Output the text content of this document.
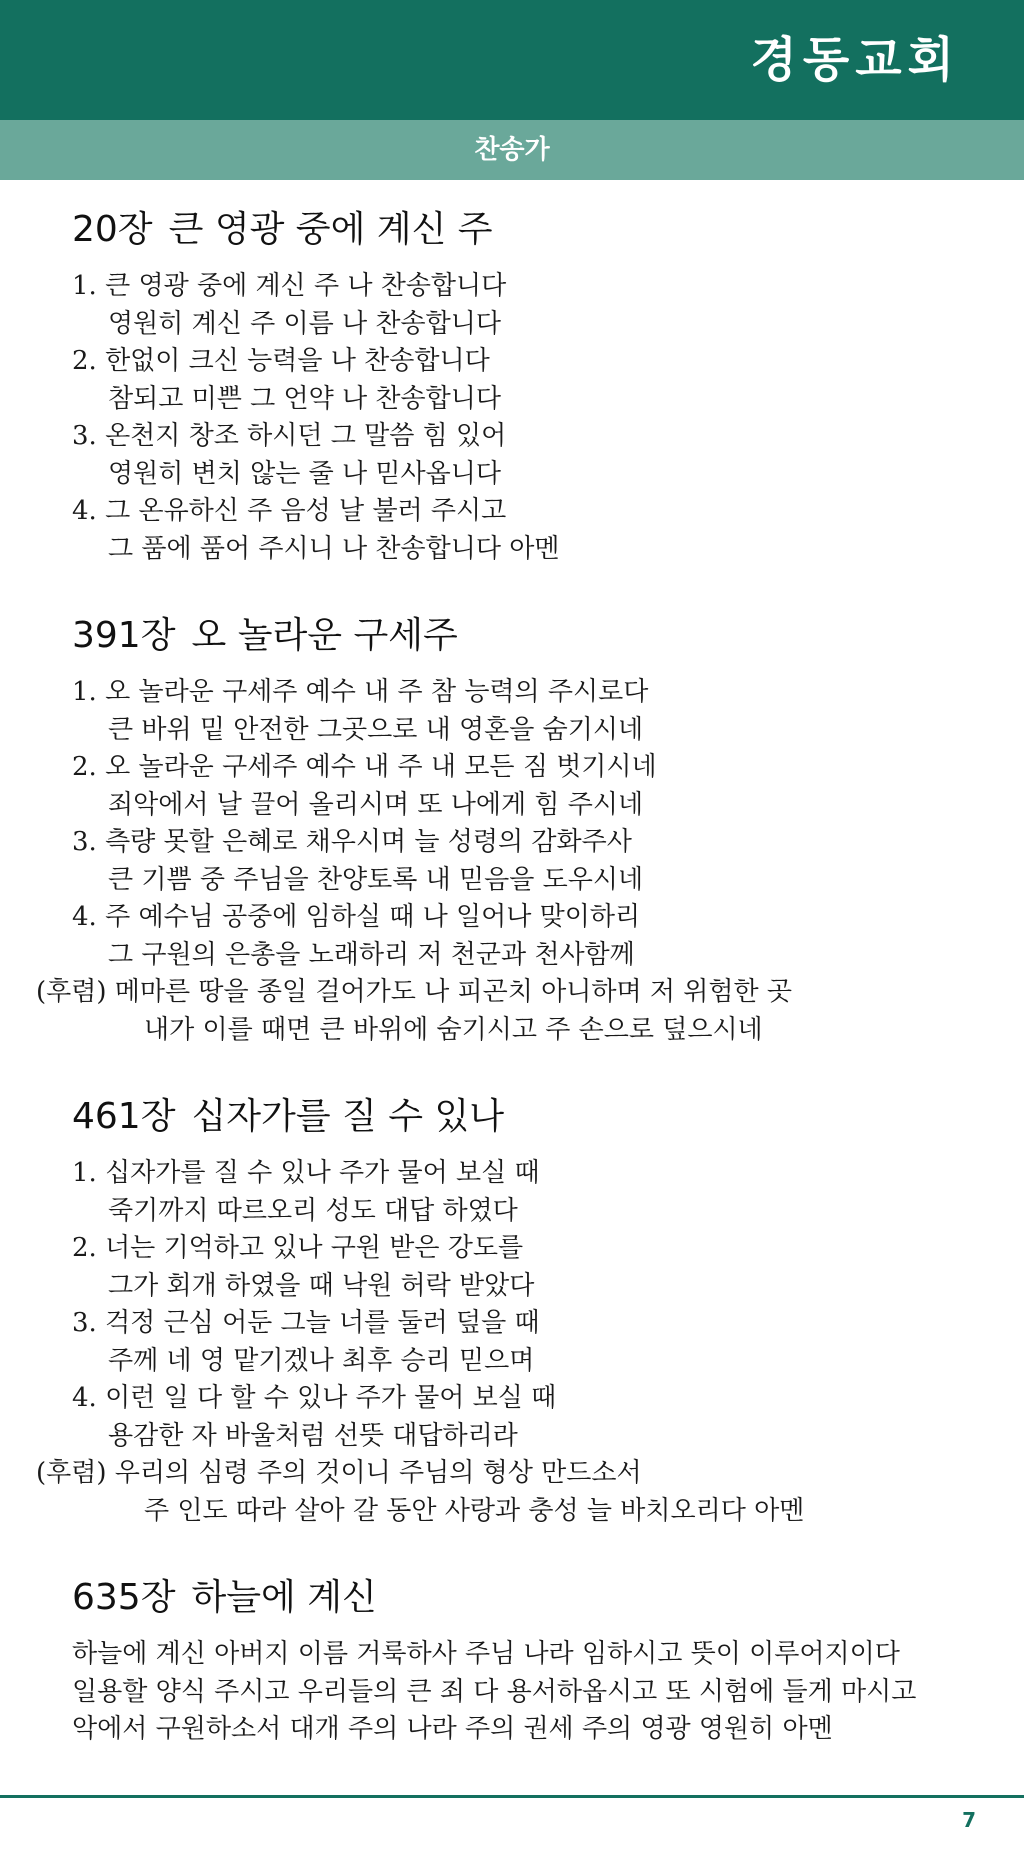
경동교회
찬송가
20장 큰 영광 중에 계신 주
1. 큰 영광 중에 계신 주 나 찬송합니다
영원히 계신 주 이름 나 찬송합니다
2. 한없이 크신 능력을 나 찬송합니다
참되고 미쁜 그 언약 나 찬송합니다
3. 온천지 창조 하시던 그 말씀 힘 있어
영원히 변치 않는 줄 나 믿사옵니다
4. 그 온유하신 주 음성 날 불러 주시고
그 품에 품어 주시니 나 찬송합니다 아멘
391장 오 놀라운 구세주
1. 오 놀라운 구세주 예수 내 주 참 능력의 주시로다
큰 바위 밑 안전한 그곳으로 내 영혼을 숨기시네
2. 오 놀라운 구세주 예수 내 주 내 모든 짐 벗기시네
죄악에서 날 끌어 올리시며 또 나에게 힘 주시네
3. 측량 못할 은혜로 채우시며 늘 성령의 감화주사
큰 기쁨 중 주님을 찬양토록 내 믿음을 도우시네
4. 주 예수님 공중에 임하실 때 나 일어나 맞이하리
그 구원의 은총을 노래하리 저 천군과 천사함께
(후렴) 메마른 땅을 종일 걸어가도 나 피곤치 아니하며 저 위험한 곳
내가 이를 때면 큰 바위에 숨기시고 주 손으로 덮으시네
461장 십자가를 질 수 있나
1. 십자가를 질 수 있나 주가 물어 보실 때
죽기까지 따르오리 성도 대답 하였다
2. 너는 기억하고 있나 구원 받은 강도를
그가 회개 하였을 때 낙원 허락 받았다
3. 걱정 근심 어둔 그늘 너를 둘러 덮을 때
주께 네 영 맡기겠나 최후 승리 믿으며
4. 이런 일 다 할 수 있나 주가 물어 보실 때
용감한 자 바울처럼 선뜻 대답하리라
(후렴) 우리의 심령 주의 것이니 주님의 형상 만드소서
주 인도 따라 살아 갈 동안 사랑과 충성 늘 바치오리다 아멘
635장 하늘에 계신
하늘에 계신 아버지 이름 거룩하사 주님 나라 임하시고 뜻이 이루어지이다
일용할 양식 주시고 우리들의 큰 죄 다 용서하옵시고 또 시험에 들게 마시고
악에서 구원하소서 대개 주의 나라 주의 권세 주의 영광 영원히 아멘
7
